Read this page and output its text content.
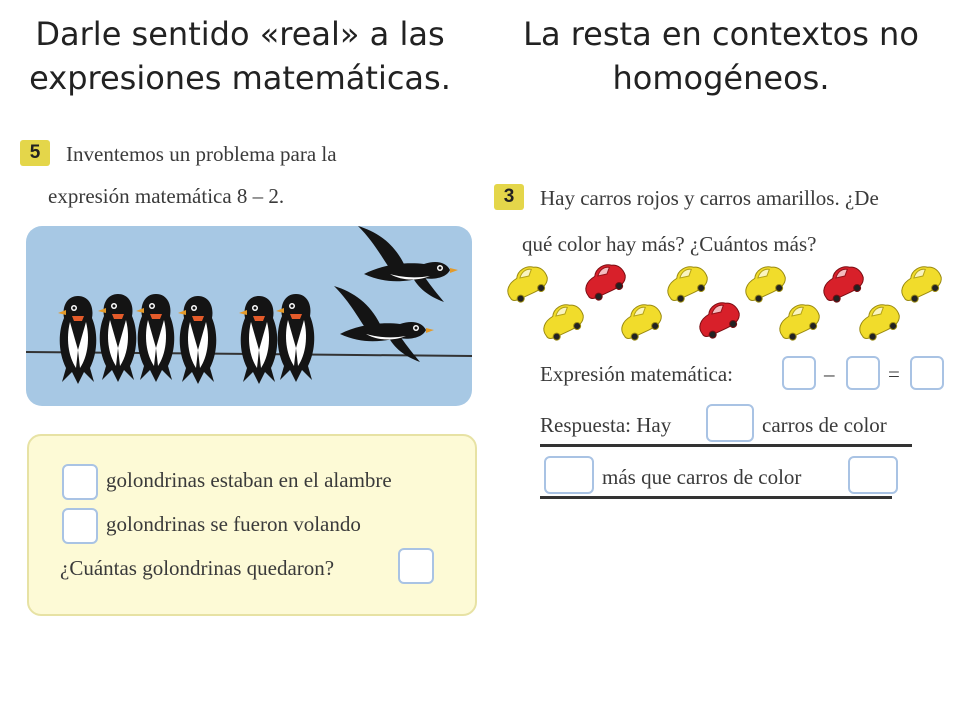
Darle sentido «real» a las expresiones matemáticas.
La resta en contextos no homogéneos.
5	Inventemos un problema para la
expresión matemática 8 – 2.
golondrinas estaban en el alambre
golondrinas se fueron volando
¿Cuántas golondrinas quedaron?
3	Hay carros rojos y carros amarillos. ¿De
qué color hay más? ¿Cuántos más?
Expresión matemática:	–	=
Respuesta: Hay	carros de color
más que carros de color
